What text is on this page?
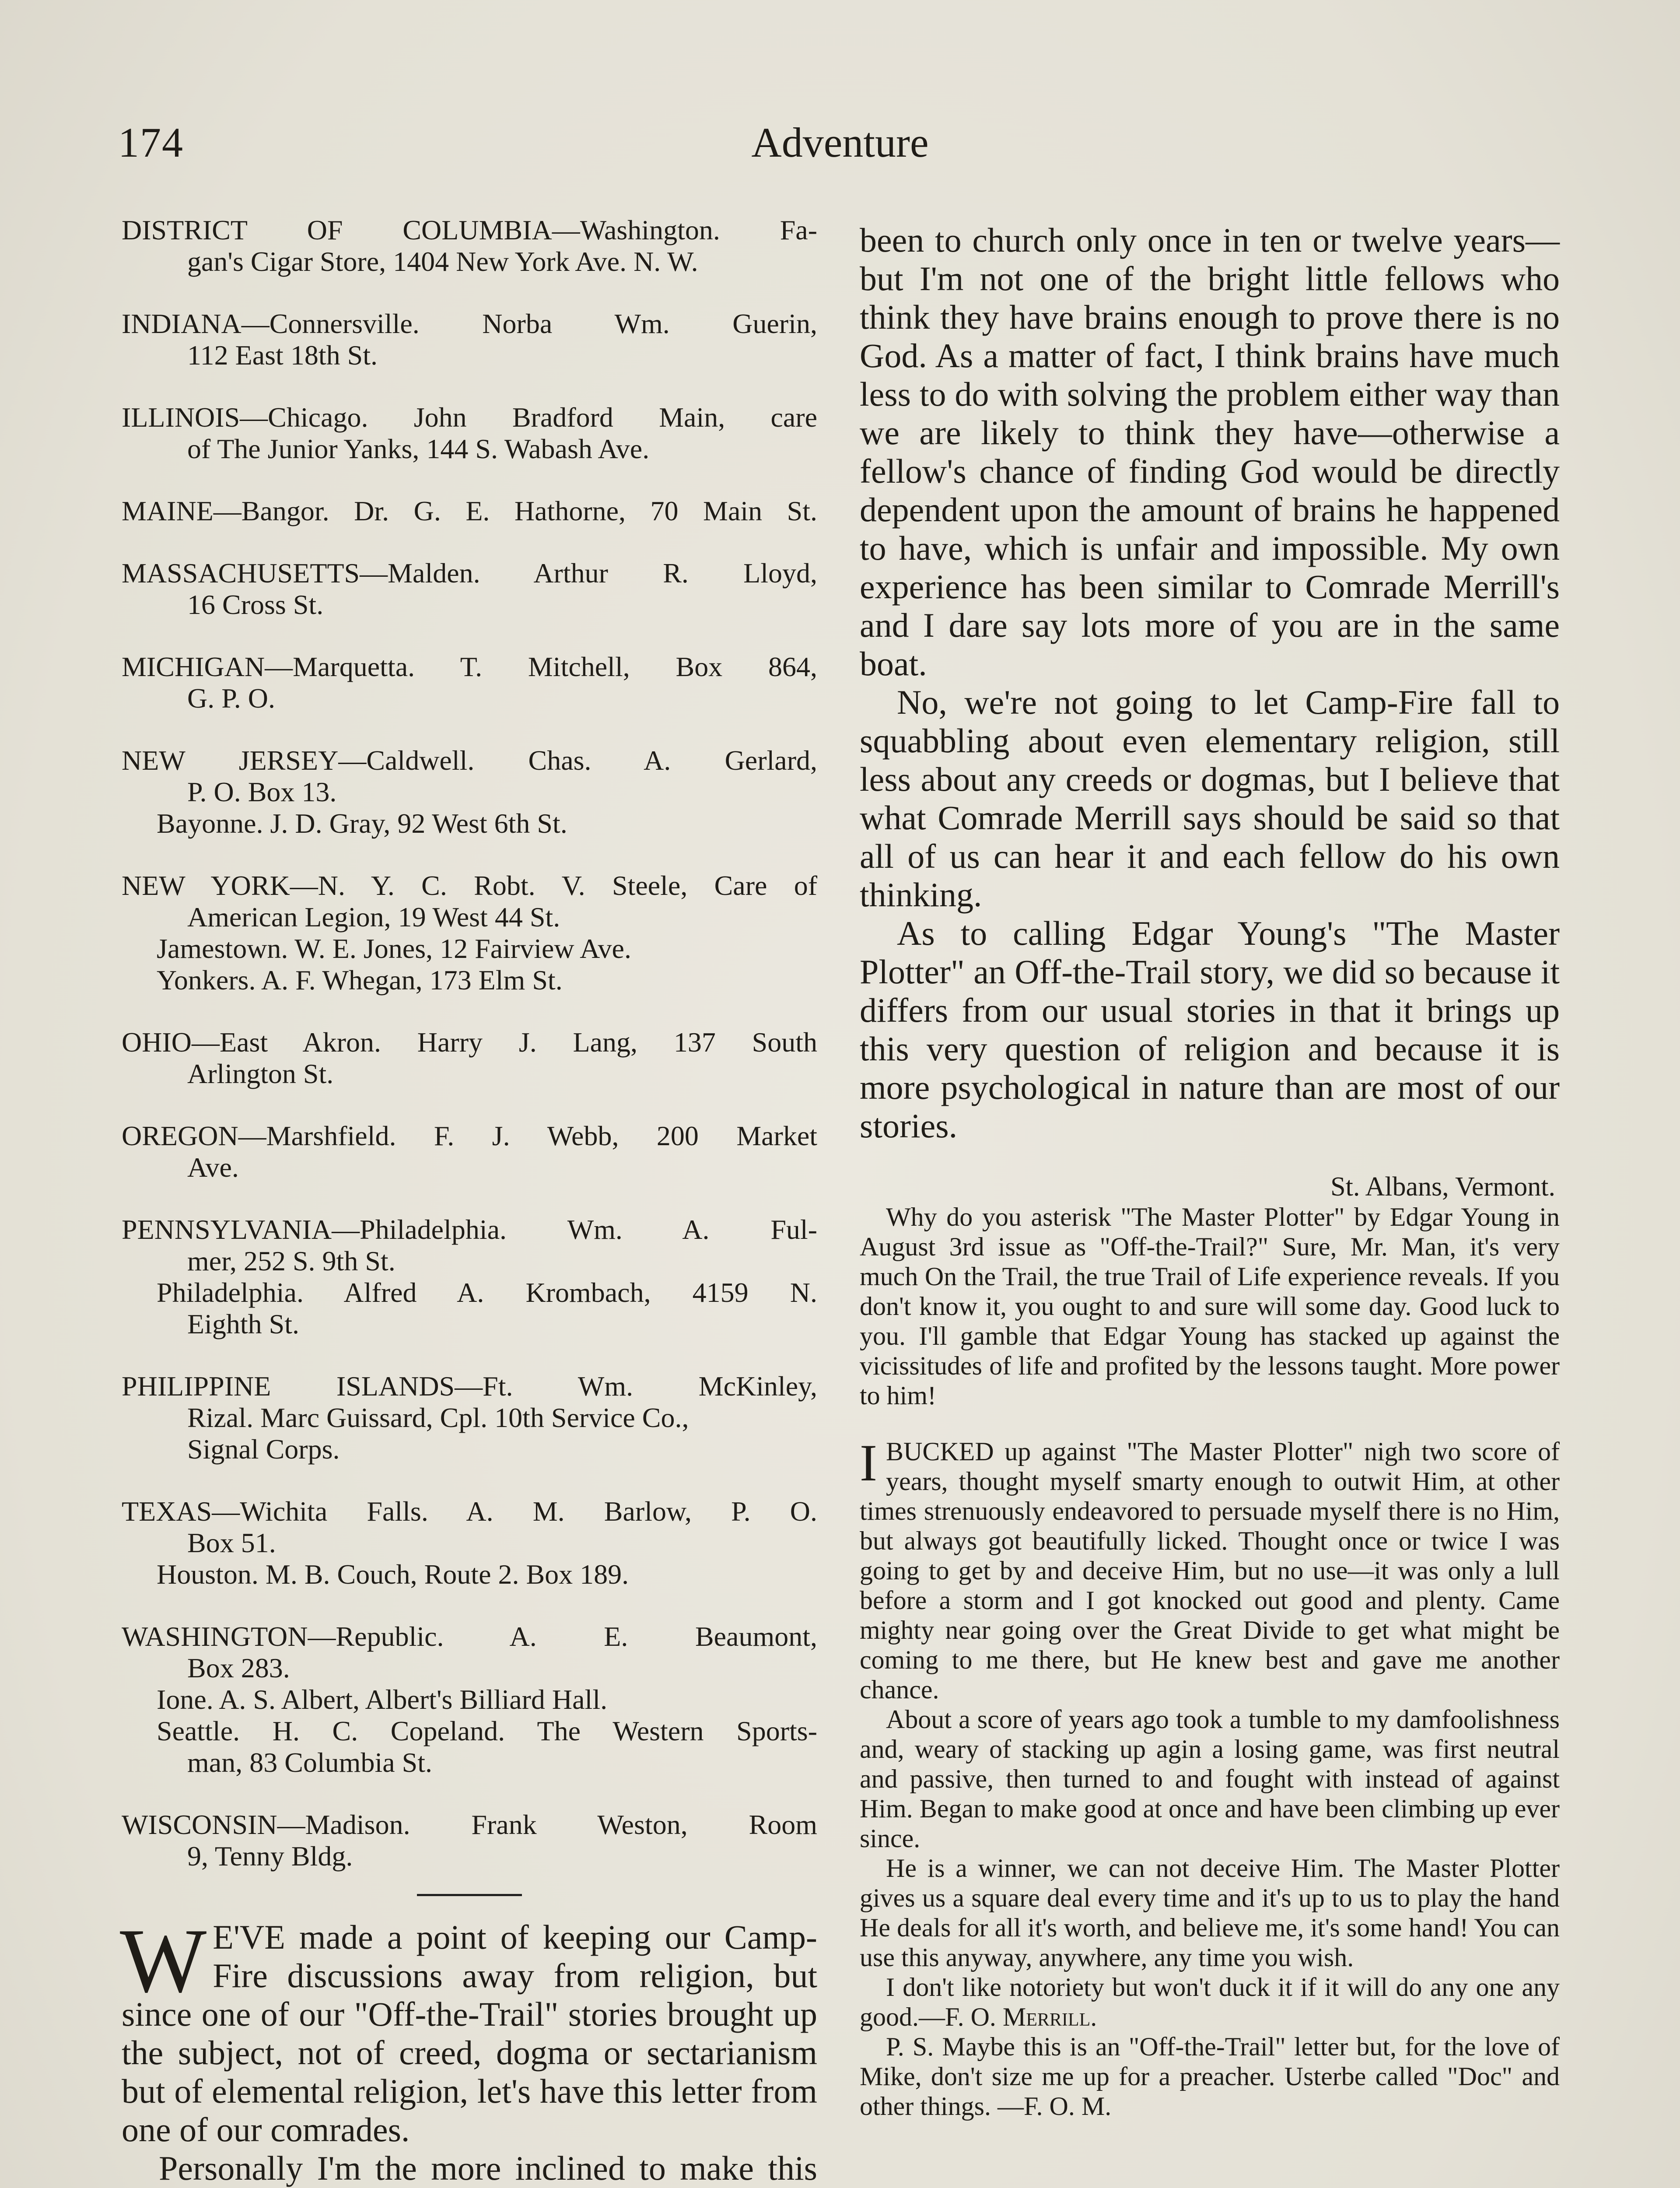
174	Adventure

DISTRICT OF COLUMBIA—Washington. Fa-

gan's Cigar Store, 1404 New York Ave. N. W.

INDIANA—Connersville. Norba Wm. Guerin,

112 East 18th St.

ILLINOIS—Chicago. John Bradford Main, care

of The Junior Yanks, 144 S. Wabash Ave.

MAINE—Bangor. Dr. G. E. Hathorne, 70 Main St.

MASSACHUSETTS—Malden. Arthur R. Lloyd,

16 Cross St.

MICHIGAN—Marquetta. T. Mitchell, Box 864,

G. P. O.

NEW JERSEY—Caldwell. Chas. A. Gerlard,

P. O. Box 13.

Bayonne. J. D. Gray, 92 West 6th St.

NEW YORK—N. Y. C. Robt. V. Steele, Care of

American Legion, 19 West 44 St.

Jamestown. W. E. Jones, 12 Fairview Ave.

Yonkers. A. F. Whegan, 173 Elm St.

OHIO—East Akron. Harry J. Lang, 137 South

Arlington St.

OREGON—Marshfield. F. J. Webb, 200 Market

Ave.

PENNSYLVANIA—Philadelphia. Wm. A. Ful-

mer, 252 S. 9th St.

Philadelphia. Alfred A. Krombach, 4159 N.

Eighth St.

PHILIPPINE ISLANDS—Ft. Wm. McKinley,

Rizal. Marc Guissard, Cpl. 10th Service Co.,

Signal Corps.

TEXAS—Wichita Falls. A. M. Barlow, P. O.

Box 51.

Houston. M. B. Couch, Route 2. Box 189.

WASHINGTON—Republic. A. E. Beaumont,

Box 283.

Ione. A. S. Albert, Albert's Billiard Hall.

Seattle. H. C. Copeland. The Western Sports-

man, 83 Columbia St.

WISCONSIN—Madison. Frank Weston, Room

9, Tenny Bldg.

W E'VE made a point of keeping our Camp-Fire discussions away from religion, but since one of our "Off-the-Trail" stories brought up the subject, not of creed, dogma or sectarianism but of elemental religion, let's have this letter from one of our comrades.

Personally I'm the more inclined to make this

been to church only once in ten or twelve years—but I'm not one of the bright little fellows who think they have brains enough to prove there is no God. As a matter of fact, I think brains have much less to do with solving the problem either way than we are likely to think they have—otherwise a fellow's chance of finding God would be directly dependent upon the amount of brains he happened to have, which is unfair and impossible. My own experience has been similar to Comrade Merrill's and I dare say lots more of you are in the same boat.

No, we're not going to let Camp-Fire fall to squabbling about even elementary religion, still less about any creeds or dogmas, but I believe that what Comrade Merrill says should be said so that all of us can hear it and each fellow do his own thinking.

As to calling Edgar Young's "The Master Plotter" an Off-the-Trail story, we did so because it differs from our usual stories in that it brings up this very question of religion and because it is more psychological in nature than are most of our stories.

St. Albans, Vermont.

Why do you asterisk "The Master Plotter" by Edgar Young in August 3rd issue as "Off-the-Trail?" Sure, Mr. Man, it's very much On the Trail, the true Trail of Life experience reveals. If you don't know it, you ought to and sure will some day. Good luck to you. I'll gamble that Edgar Young has stacked up against the vicissitudes of life and profited by the lessons taught. More power to him!

I BUCKED up against "The Master Plotter" nigh two score of years, thought myself smarty enough to outwit Him, at other times strenuously endeavored to persuade myself there is no Him, but always got beautifully licked. Thought once or twice I was going to get by and deceive Him, but no use—it was only a lull before a storm and I got knocked out good and plenty. Came mighty near going over the Great Divide to get what might be coming to me there, but He knew best and gave me another chance.

About a score of years ago took a tumble to my damfoolishness and, weary of stacking up agin a losing game, was first neutral and passive, then turned to and fought with instead of against Him. Began to make good at once and have been climbing up ever since.

He is a winner, we can not deceive Him. The Master Plotter gives us a square deal every time and it's up to us to play the hand He deals for all it's worth, and believe me, it's some hand! You can use this anyway, anywhere, any time you wish.

I don't like notoriety but won't duck it if it will do any one any good.—F. O. Merrill.

P. S. Maybe this is an "Off-the-Trail" letter but, for the love of Mike, don't size me up for a preacher. Usterbe called "Doc" and other things. —F. O. M.
